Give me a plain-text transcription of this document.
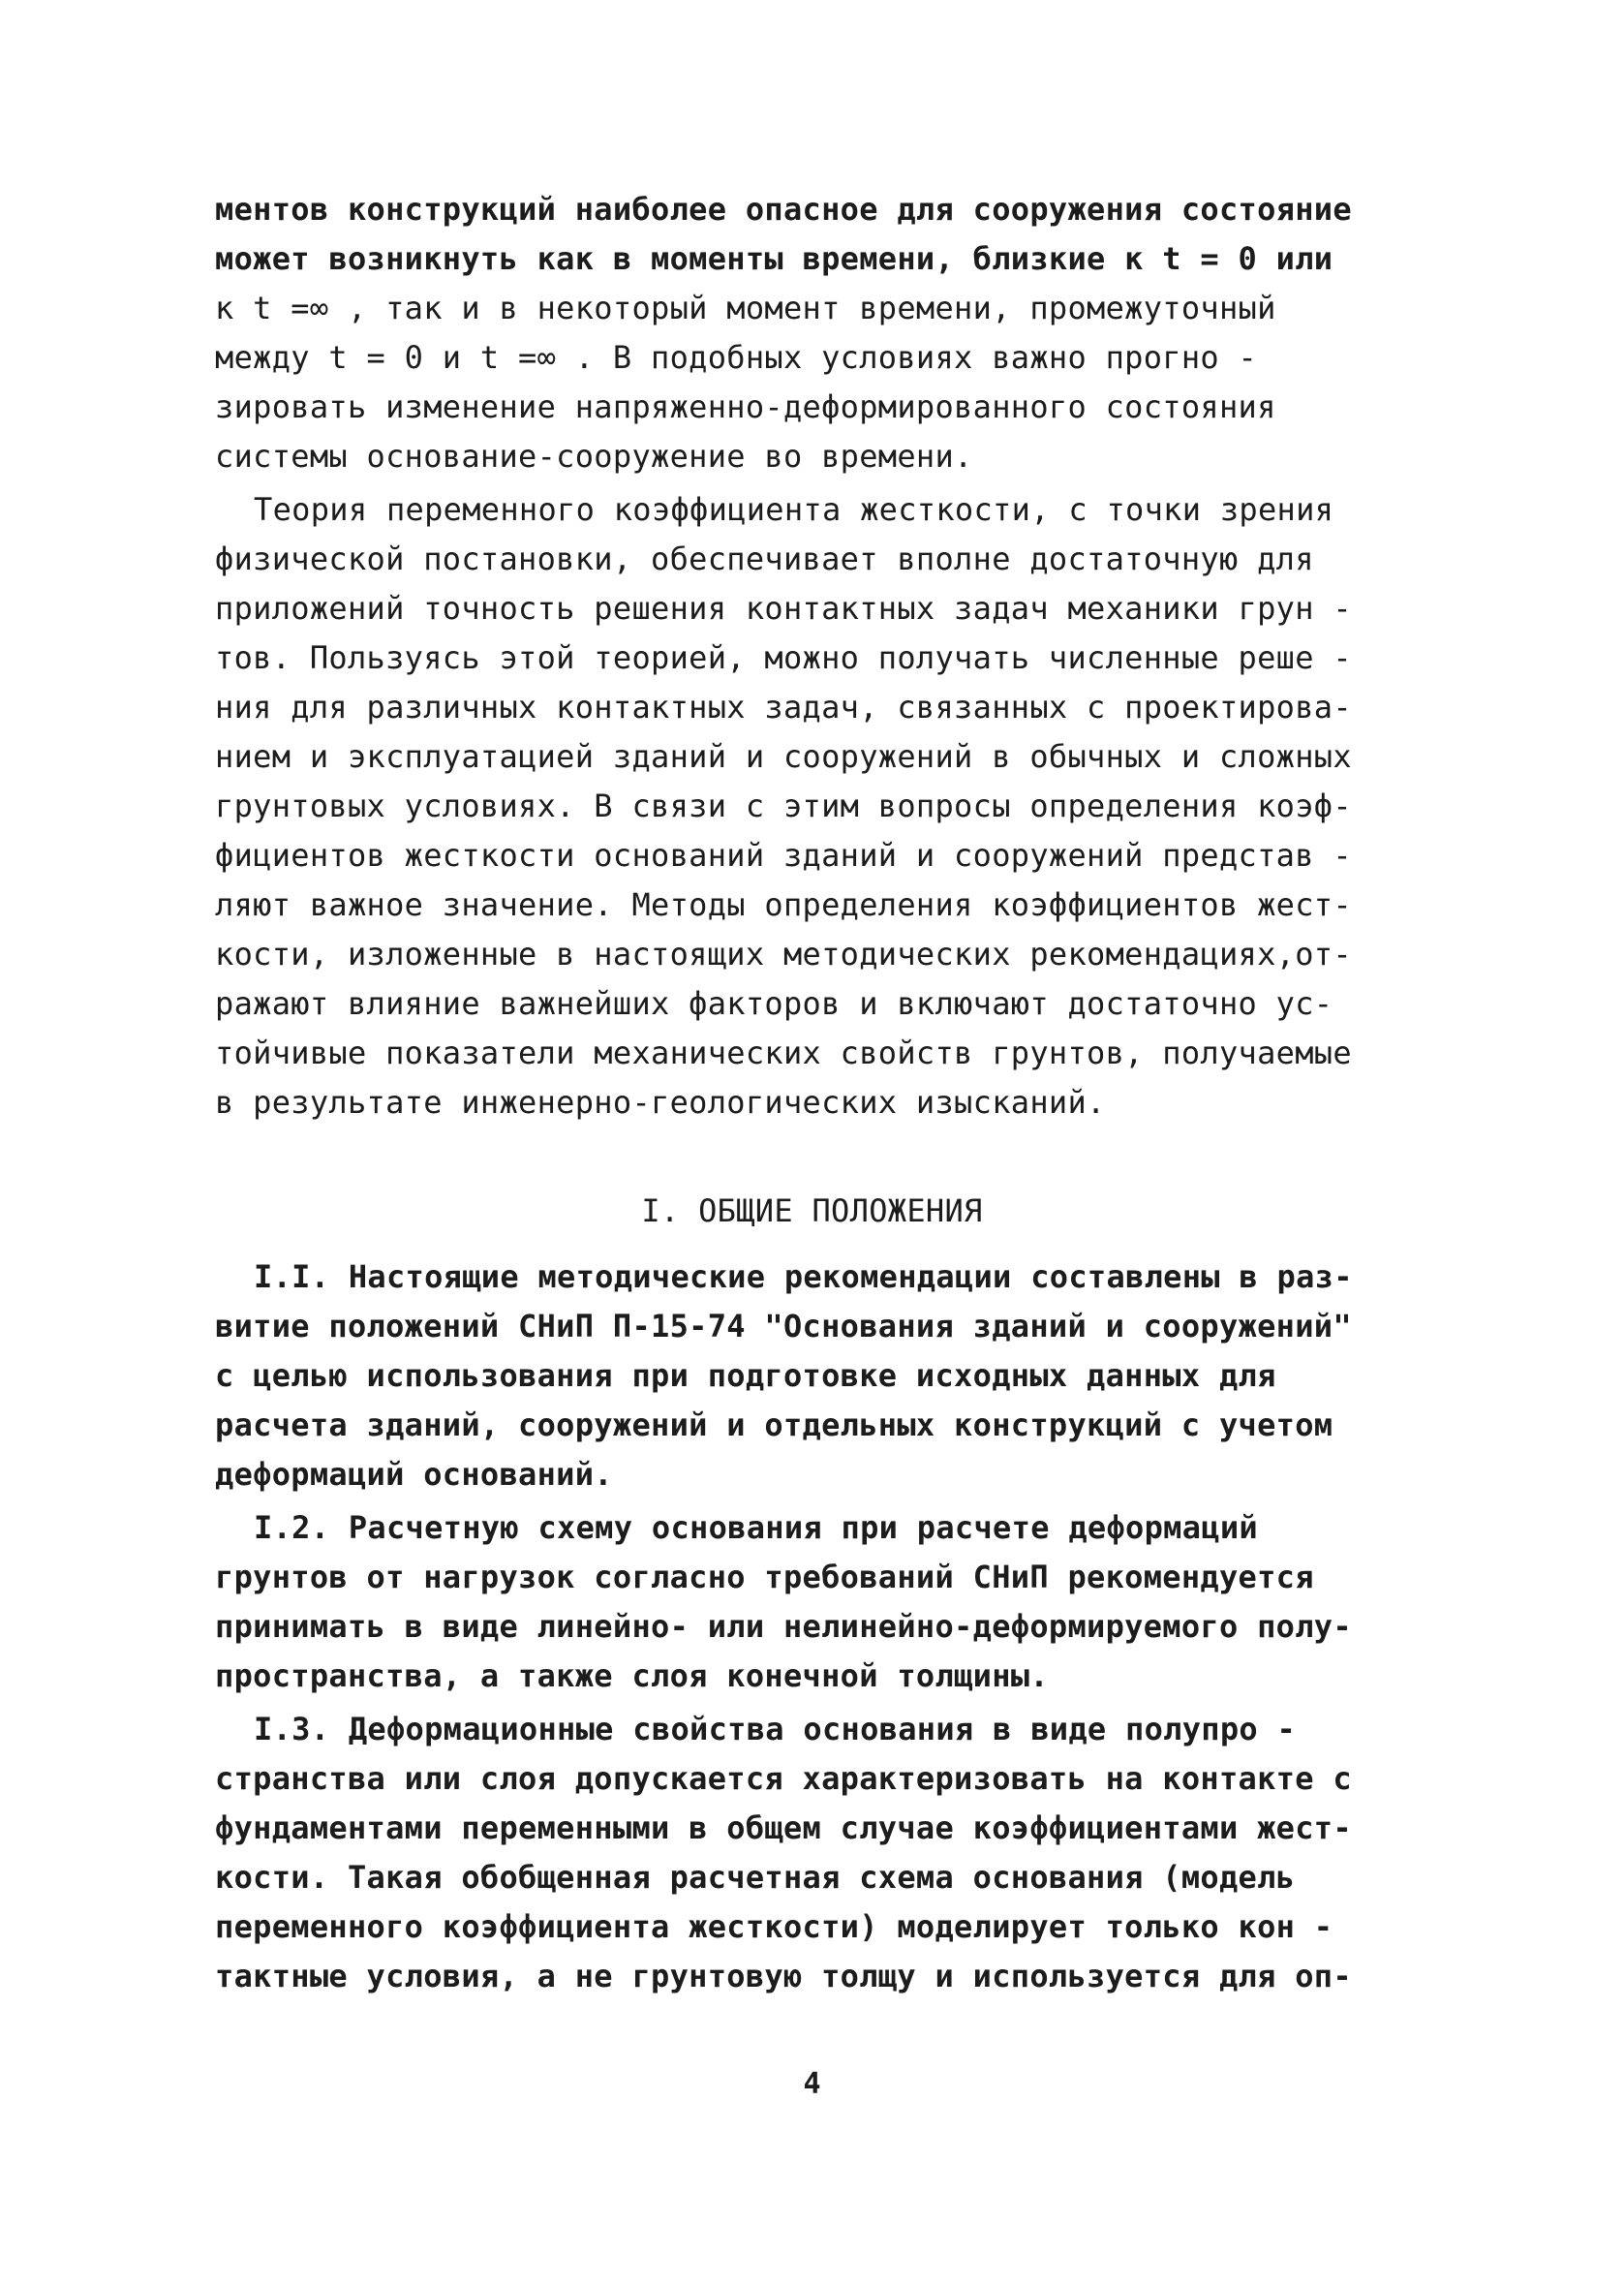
ментов конструкций наиболее опасное для сооружения состояние
может возникнуть как в моменты времени, близкие к t = 0 или
к t =∞ , так и в некоторый момент времени, промежуточный
между t = 0 и t =∞ . В подобных условиях важно прогно -
зировать изменение напряженно-деформированного состояния
системы основание-сооружение во времени.
Теория переменного коэффициента жесткости, с точки зрения
физической постановки, обеспечивает вполне достаточную для
приложений точность решения контактных задач механики грун -
тов. Пользуясь этой теорией, можно получать численные реше -
ния для различных контактных задач, связанных с проектирова-
нием и эксплуатацией зданий и сооружений в обычных и сложных
грунтовых условиях. В связи с этим вопросы определения коэф-
фициентов жесткости оснований зданий и сооружений представ -
ляют важное значение. Методы определения коэффициентов жест-
кости, изложенные в настоящих методических рекомендациях,от-
ражают влияние важнейших факторов и включают достаточно ус-
тойчивые показатели механических свойств грунтов, получаемые
в результате инженерно-геологических изысканий.
I. ОБЩИЕ ПОЛОЖЕНИЯ
I.I. Настоящие методические рекомендации составлены в раз-
витие положений СНиП П-15-74 "Основания зданий и сооружений"
с целью использования при подготовке исходных данных для
расчета зданий, сооружений и отдельных конструкций с учетом
деформаций оснований.
I.2. Расчетную схему основания при расчете деформаций
грунтов от нагрузок согласно требований СНиП рекомендуется
принимать в виде линейно- или нелинейно-деформируемого полу-
пространства, а также слоя конечной толщины.
I.3. Деформационные свойства основания в виде полупро -
странства или слоя допускается характеризовать на контакте с
фундаментами переменными в общем случае коэффициентами жест-
кости. Такая обобщенная расчетная схема основания (модель
переменного коэффициента жесткости) моделирует только кон -
тактные условия, а не грунтовую толщу и используется для оп-
4
